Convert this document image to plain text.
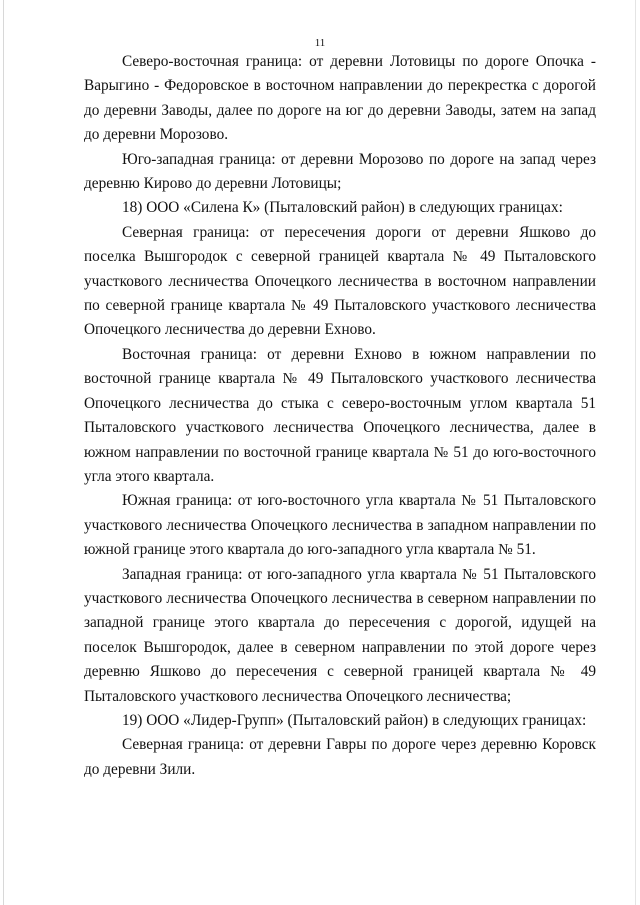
11

Северо-восточная граница: от деревни Лотовицы по дороге Опочка - Варыгино - Федоровское в восточном направлении до перекрестка с дорогой до деревни Заводы, далее по дороге на юг до деревни Заводы, затем на запад до деревни Морозово.

Юго-западная граница: от деревни Морозово по дороге на запад через деревню Кирово до деревни Лотовицы;

18) ООО «Силена К» (Пыталовский район) в следующих границах:

Северная граница: от пересечения дороги от деревни Яшково до поселка Вышгородок с северной границей квартала № 49 Пыталовского участкового лесничества Опочецкого лесничества в восточном направлении по северной границе квартала № 49 Пыталовского участкового лесничества Опочецкого лесничества до деревни Ехново.

Восточная граница: от деревни Ехново в южном направлении по восточной границе квартала № 49 Пыталовского участкового лесничества Опочецкого лесничества до стыка с северо-восточным углом квартала 51 Пыталовского участкового лесничества Опочецкого лесничества, далее в южном направлении по восточной границе квартала № 51 до юго-восточного угла этого квартала.

Южная граница: от юго-восточного угла квартала № 51 Пыталовского участкового лесничества Опочецкого лесничества в западном направлении по южной границе этого квартала до юго-западного угла квартала № 51.

Западная граница: от юго-западного угла квартала № 51 Пыталовского участкового лесничества Опочецкого лесничества в северном направлении по западной границе этого квартала до пересечения с дорогой, идущей на поселок Вышгородок, далее в северном направлении по этой дороге через деревню Яшково до пересечения с северной границей квартала № 49 Пыталовского участкового лесничества Опочецкого лесничества;

19) ООО «Лидер-Групп» (Пыталовский район) в следующих границах:

Северная граница: от деревни Гавры по дороге через деревню Коровск до деревни Зили.
